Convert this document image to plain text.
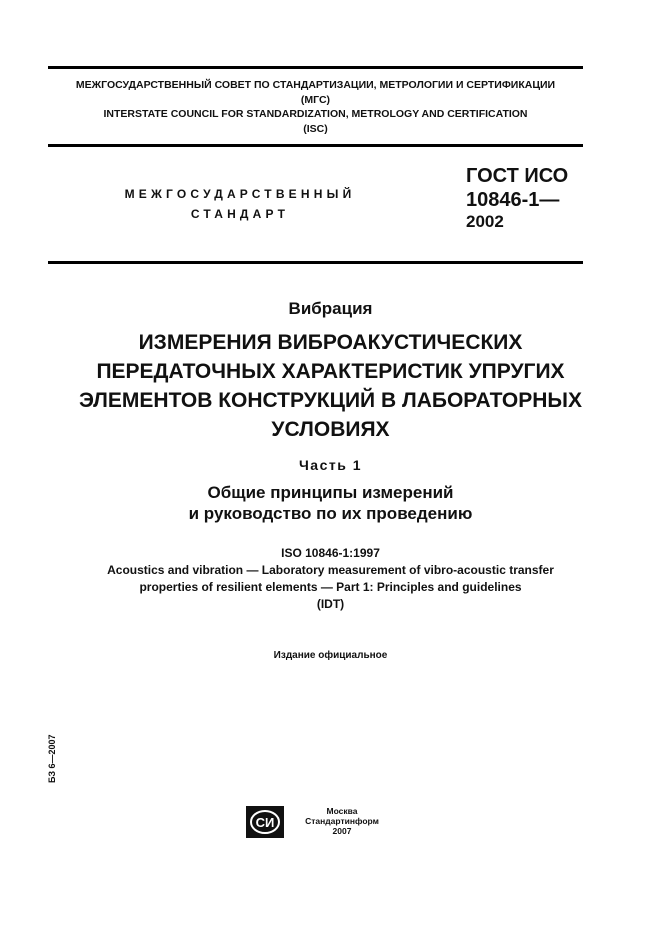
МЕЖГОСУДАРСТВЕННЫЙ СОВЕТ ПО СТАНДАРТИЗАЦИИ, МЕТРОЛОГИИ И СЕРТИФИКАЦИИ
(МГС)
INTERSTATE COUNCIL FOR STANDARDIZATION, METROLOGY AND CERTIFICATION
(ISC)
МЕЖГОСУДАРСТВЕННЫЙ
СТАНДАРТ
ГОСТ ИСО
10846-1—
2002
Вибрация
ИЗМЕРЕНИЯ ВИБРОАКУСТИЧЕСКИХ
ПЕРЕДАТОЧНЫХ ХАРАКТЕРИСТИК УПРУГИХ
ЭЛЕМЕНТОВ КОНСТРУКЦИЙ В ЛАБОРАТОРНЫХ
УСЛОВИЯХ
Часть 1
Общие принципы измерений
и руководство по их проведению
ISO 10846-1:1997
Acoustics and vibration — Laboratory measurement of vibro-acoustic transfer
properties of resilient elements — Part 1: Principles and guidelines
(IDT)
Издание официальное
БЗ 6—2007
СИ
Москва
Стандартинформ
2007
